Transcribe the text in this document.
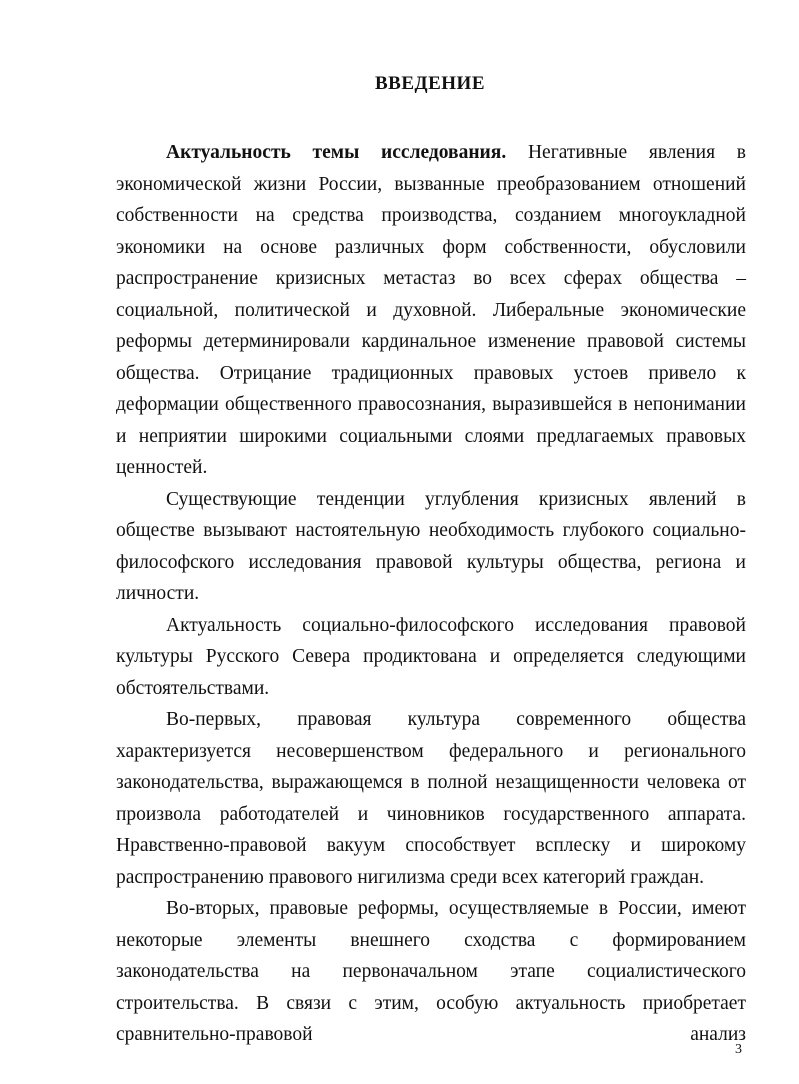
ВВЕДЕНИЕ

Актуальность темы исследования. Негативные явления в экономической жизни России, вызванные преобразованием отношений собственности на средства производства, созданием многоукладной экономики на основе различных форм собственности, обусловили распространение кризисных метастаз во всех сферах общества – социальной, политической и духовной. Либеральные экономические реформы детерминировали кардинальное изменение правовой системы общества. Отрицание традиционных правовых устоев привело к деформации общественного правосознания, выразившейся в непонимании и неприятии широкими социальными слоями предлагаемых правовых ценностей.

Существующие тенденции углубления кризисных явлений в обществе вызывают настоятельную необходимость глубокого социально-философского исследования правовой культуры общества, региона и личности.

Актуальность социально-философского исследования правовой культуры Русского Севера продиктована и определяется следующими обстоятельствами.

Во-первых, правовая культура современного общества характеризуется несовершенством федерального и регионального законодательства, выражающемся в полной незащищенности человека от произвола работодателей и чиновников государственного аппарата. Нравственно-правовой вакуум способствует всплеску и широкому распространению правового нигилизма среди всех категорий граждан.

Во-вторых, правовые реформы, осуществляемые в России, имеют некоторые элементы внешнего сходства с формированием законодательства на первоначальном этапе социалистического строительства. В связи с этим, особую актуальность приобретает сравнительно-правовой анализ

3
